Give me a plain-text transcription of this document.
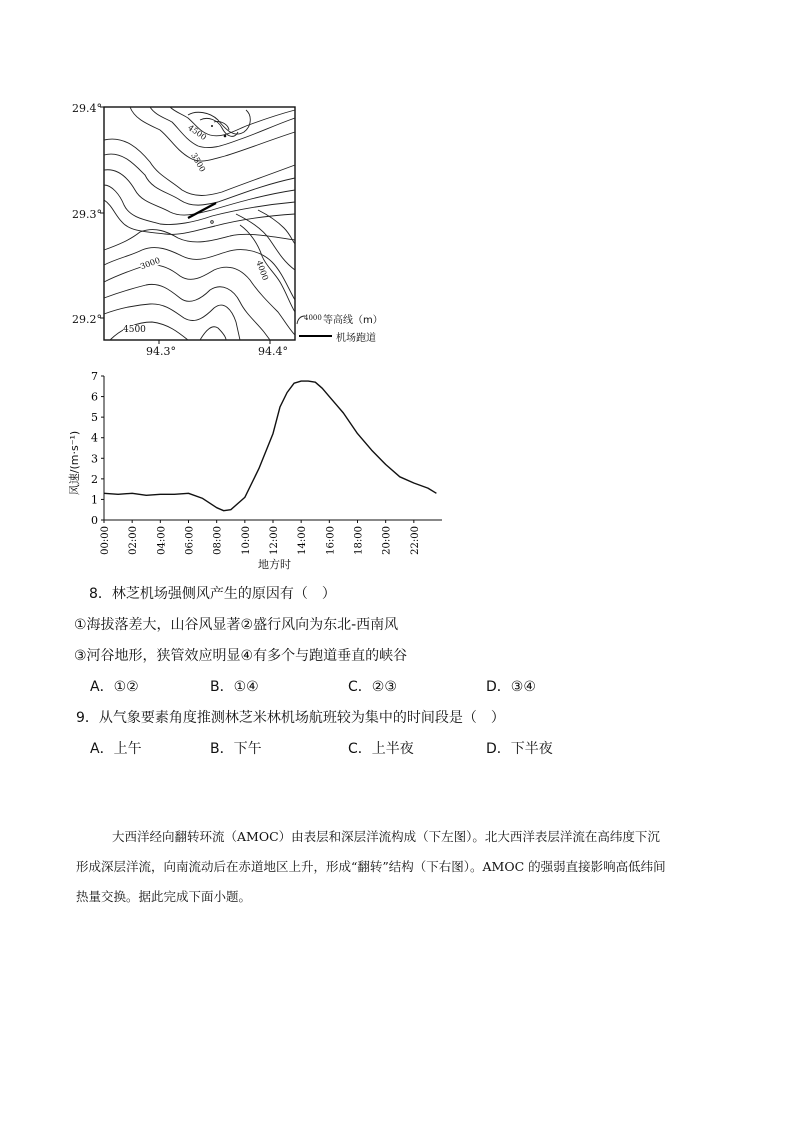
29.4°
29.3°
29.2°
94.3°	94.4°
4500
3500
3000	4000
4500
4000 等高线（m）
机场跑道
0
1
2
3
4
5
6
7
00:00 02:00 04:00 06:00 08:00 10:00 12:00 14:00 16:00 18:00 20:00 22:00
地方时
风速/(m·s⁻¹)
8．林芝机场强侧风产生的原因有（　）
①海拔落差大，山谷风显著②盛行风向为东北-西南风
③河谷地形，狭管效应明显④有多个与跑道垂直的峡谷
A．①②	B．①④	C．②③	D．③④
9．从气象要素角度推测林芝米林机场航班较为集中的时间段是（　）
A．上午	B．下午	C．上半夜	D．下半夜
大西洋经向翻转环流（AMOC）由表层和深层洋流构成（下左图）。北大西洋表层洋流在高纬度下沉
形成深层洋流，向南流动后在赤道地区上升，形成“翻转”结构（下右图）。AMOC 的强弱直接影响高低纬间
热量交换。据此完成下面小题。
